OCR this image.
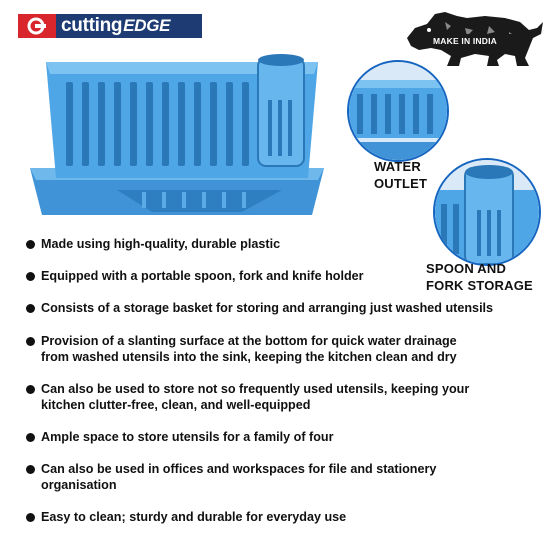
cutting EDGE
MAKE IN INDIA
WATER
OUTLET
SPOON AND
FORK STORAGE
Made using high-quality, durable plastic
Equipped with a portable spoon, fork and knife holder
Consists of a storage basket for storing and arranging just washed utensils
Provision of a slanting surface at the bottom for quick water drainage
from washed utensils into the sink, keeping the kitchen clean and dry
Can also be used to store not so frequently used utensils, keeping your
kitchen clutter-free, clean, and well-equipped
Ample space to store utensils for a family of four
Can also be used in offices and workspaces for file and stationery
organisation
Easy to clean; sturdy and durable for everyday use
